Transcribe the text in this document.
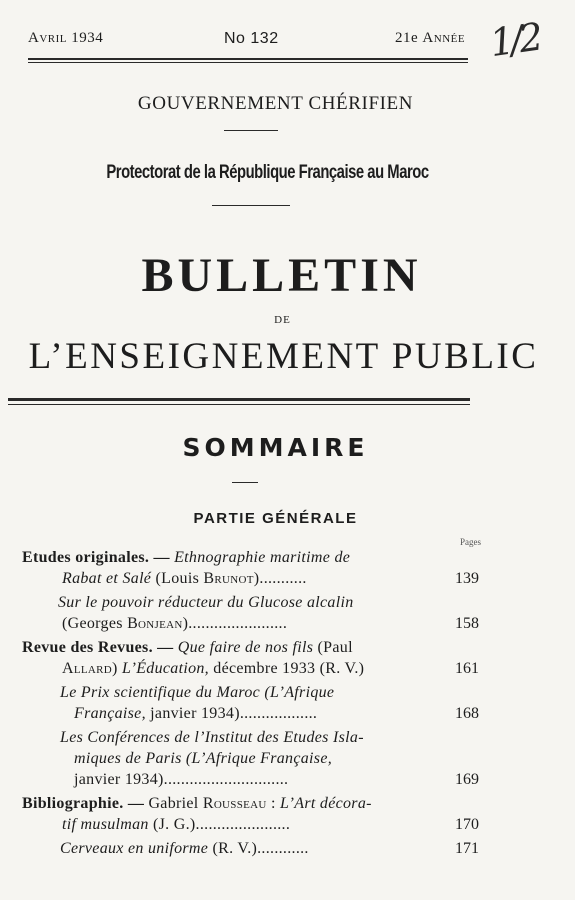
Avril 1934	No 132	21e Année 1/2
GOUVERNEMENT CHÉRIFIEN
Protectorat de la République Française au Maroc
BULLETIN
DE
L’ENSEIGNEMENT PUBLIC
SOMMAIRE
PARTIE GÉNÉRALE
Pages
Etudes originales. — Ethnographie maritime de
Rabat et Salé (Louis Brunot)...........	139
Sur le pouvoir réducteur du Glucose alcalin
(Georges Bonjean).......................	158
Revue des Revues. — Que faire de nos fils (Paul
Allard) L’Éducation, décembre 1933 (R. V.)	161
Le Prix scientifique du Maroc (L’Afrique
Française, janvier 1934)..................	168
Les Conférences de l’Institut des Etudes Isla-
miques de Paris (L’Afrique Française,
janvier 1934).............................	169
Bibliographie. — Gabriel Rousseau : L’Art décora-
tif musulman (J. G.)......................	170
Cerveaux en uniforme (R. V.)............	171
